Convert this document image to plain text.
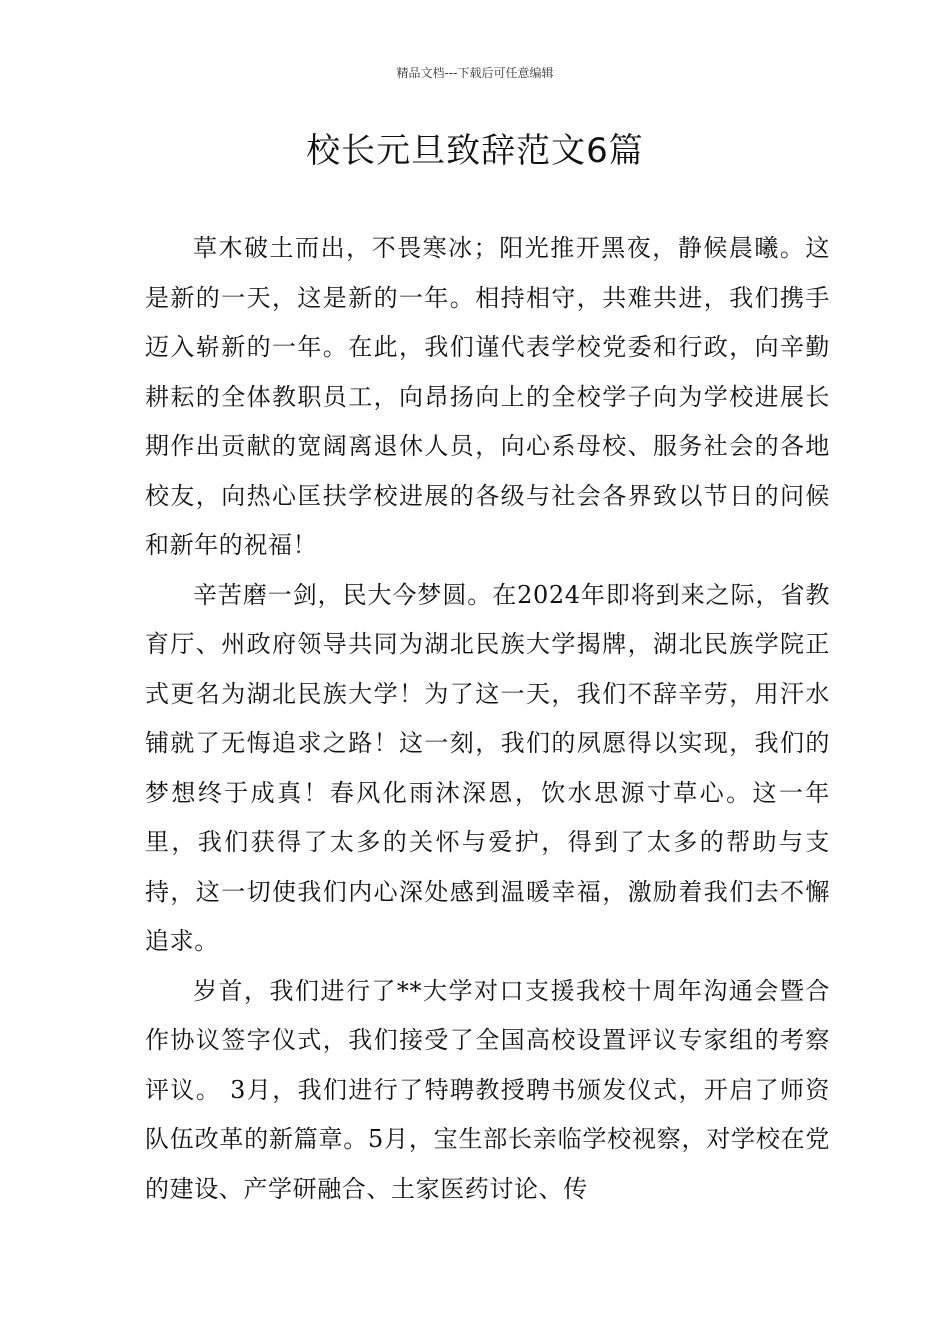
精品文档---下载后可任意编辑
校长元旦致辞范文6篇

草木破土而出，不畏寒冰；阳光推开黑夜，静候晨曦。这是新的一天，这是新的一年。相持相守，共难共进，我们携手迈入崭新的一年。在此，我们谨代表学校党委和行政，向辛勤耕耘的全体教职员工，向昂扬向上的全校学子向为学校进展长期作出贡献的宽阔离退休人员，向心系母校、服务社会的各地校友，向热心匡扶学校进展的各级与社会各界致以节日的问候和新年的祝福！

辛苦磨一剑，民大今梦圆。在2024年即将到来之际，省教育厅、州政府领导共同为湖北民族大学揭牌，湖北民族学院正式更名为湖北民族大学！为了这一天，我们不辞辛劳，用汗水铺就了无悔追求之路！这一刻，我们的夙愿得以实现，我们的梦想终于成真！春风化雨沐深恩，饮水思源寸草心。这一年里，我们获得了太多的关怀与爱护，得到了太多的帮助与支持，这一切使我们内心深处感到温暖幸福，激励着我们去不懈追求。

岁首，我们进行了**大学对口支援我校十周年沟通会暨合作协议签字仪式，我们接受了全国高校设置评议专家组的考察评议。 3月，我们进行了特聘教授聘书颁发仪式，开启了师资队伍改革的新篇章。5月，宝生部长亲临学校视察，对学校在党的建设、产学研融合、土家医药讨论、传
